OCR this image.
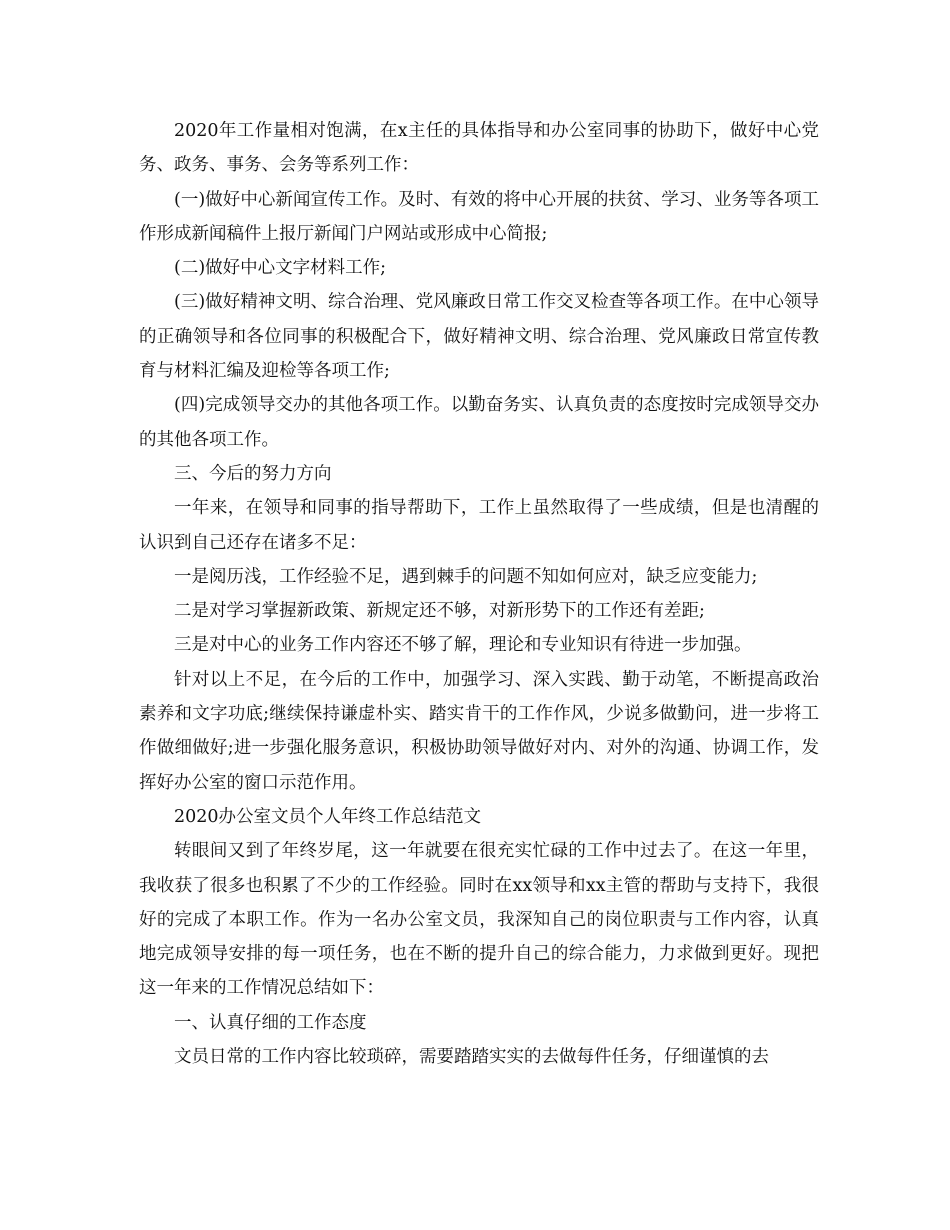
2020年工作量相对饱满，在x主任的具体指导和办公室同事的协助下，做好中心党务、政务、事务、会务等系列工作：

(一)做好中心新闻宣传工作。及时、有效的将中心开展的扶贫、学习、业务等各项工作形成新闻稿件上报厅新闻门户网站或形成中心简报;

(二)做好中心文字材料工作;

(三)做好精神文明、综合治理、党风廉政日常工作交叉检查等各项工作。在中心领导的正确领导和各位同事的积极配合下，做好精神文明、综合治理、党风廉政日常宣传教育与材料汇编及迎检等各项工作;

(四)完成领导交办的其他各项工作。以勤奋务实、认真负责的态度按时完成领导交办的其他各项工作。

三、今后的努力方向

一年来，在领导和同事的指导帮助下，工作上虽然取得了一些成绩，但是也清醒的认识到自己还存在诸多不足：

一是阅历浅，工作经验不足，遇到棘手的问题不知如何应对，缺乏应变能力;

二是对学习掌握新政策、新规定还不够，对新形势下的工作还有差距;

三是对中心的业务工作内容还不够了解，理论和专业知识有待进一步加强。

针对以上不足，在今后的工作中，加强学习、深入实践、勤于动笔，不断提高政治素养和文字功底;继续保持谦虚朴实、踏实肯干的工作作风，少说多做勤问，进一步将工作做细做好;进一步强化服务意识，积极协助领导做好对内、对外的沟通、协调工作，发挥好办公室的窗口示范作用。

2020办公室文员个人年终工作总结范文

转眼间又到了年终岁尾，这一年就要在很充实忙碌的工作中过去了。在这一年里，我收获了很多也积累了不少的工作经验。同时在xx领导和xx主管的帮助与支持下，我很好的完成了本职工作。作为一名办公室文员，我深知自己的岗位职责与工作内容，认真地完成领导安排的每一项任务，也在不断的提升自己的综合能力，力求做到更好。现把这一年来的工作情况总结如下：

一、认真仔细的工作态度

文员日常的工作内容比较琐碎，需要踏踏实实的去做每件任务，仔细谨慎的去
